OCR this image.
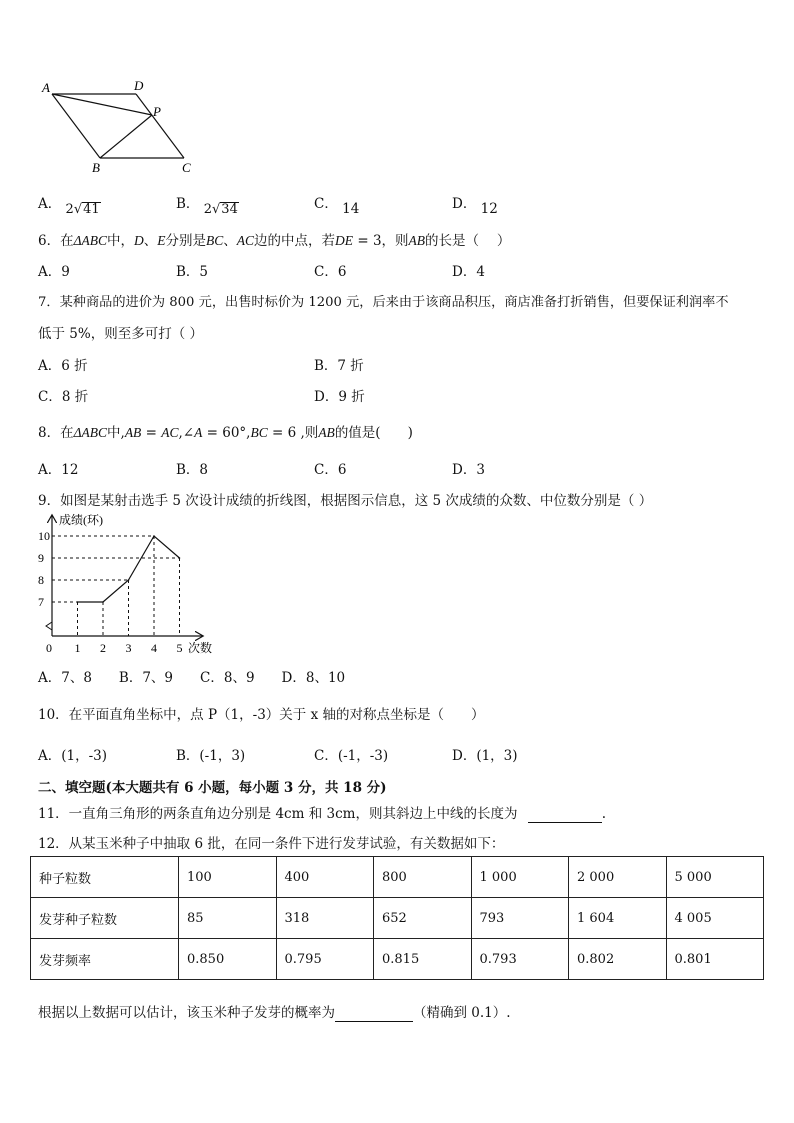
A	D
P
B	C
A． 2√41	B． 2√34	C． 14	D． 12
6．在ΔABC中，D、E分别是BC、AC边的中点，若DE = 3，则AB的长是（　 ）
A．9	B．5	C．6	D．4
7．某种商品的进价为 800 元，出售时标价为 1200 元，后来由于该商品积压，商店准备打折销售，但要保证利润率不
低于 5%，则至多可打（ ）
A．6 折	B．7 折
C．8 折	D．9 折
8．在ΔABC中,AB = AC,∠A = 60°,BC = 6 ,则AB的值是(　　)
A．12	B．8	C．6	D．3
9．如图是某射击选手 5 次设计成绩的折线图，根据图示信息，这 5 次成绩的众数、中位数分别是（ ）
成绩(环)
次数
0
7
8
9
10
1 2 3 4 5
A．7、8　　B．7、9　　C．8、9　　D．8、10
10．在平面直角坐标中，点 P（1，-3）关于 x 轴的对称点坐标是（　　）
A．(1，-3)	B．(-1，3)	C．(-1，-3)	D．(1，3)
二、填空题(本大题共有 6 小题，每小题 3 分，共 18 分)
11．一直角三角形的两条直角边分别是 4cm 和 3cm，则其斜边上中线的长度为	.
12．从某玉米种子中抽取 6 批，在同一条件下进行发芽试验，有关数据如下：
种子粒数	100	400	800	1 000	2 000	5 000
发芽种子粒数	85	318	652	793	1 604	4 005
发芽频率	0.850	0.795	0.815	0.793	0.802	0.801
根据以上数据可以估计，该玉米种子发芽的概率为	（精确到 0.1）.
